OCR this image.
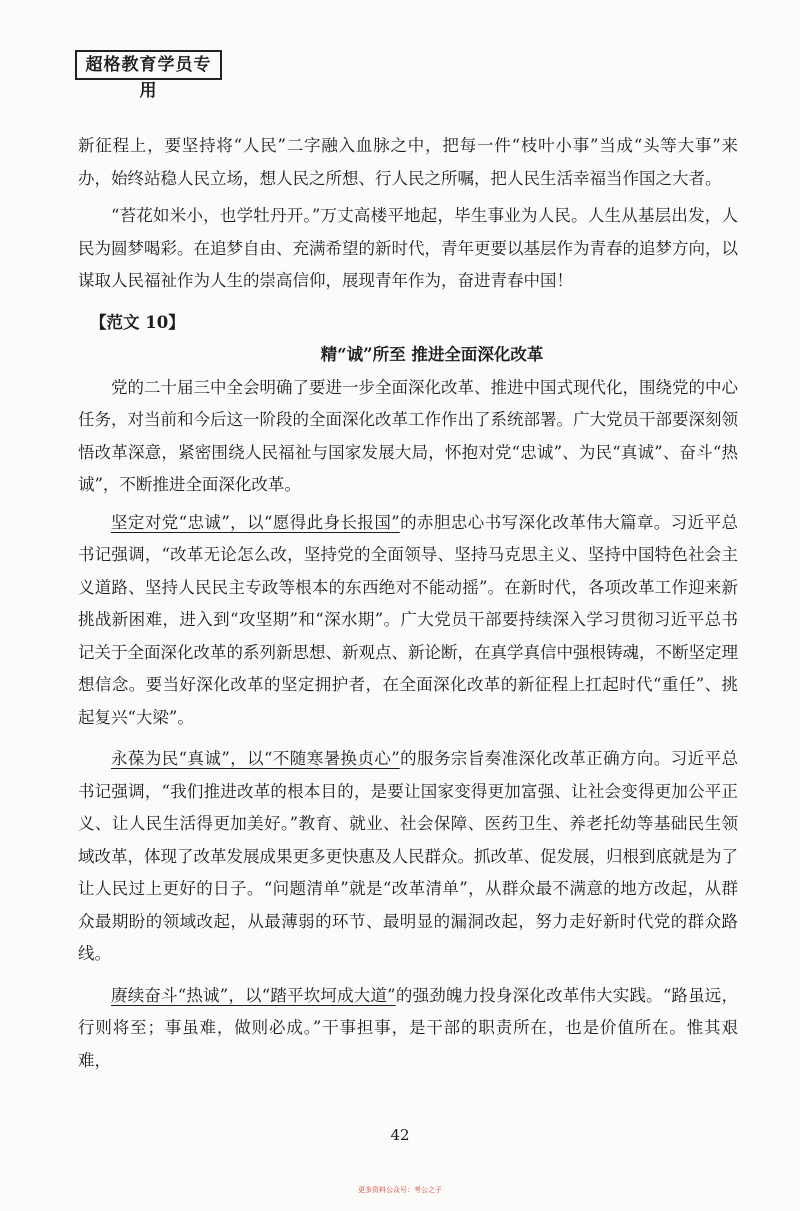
超格教育学员专用

新征程上，要坚持将“人民”二字融入血脉之中，把每一件“枝叶小事”当成“头等大事”来办，始终站稳人民立场，想人民之所想、行人民之所嘱，把人民生活幸福当作国之大者。

“苔花如米小，也学牡丹开。”万丈高楼平地起，毕生事业为人民。人生从基层出发，人民为圆梦喝彩。在追梦自由、充满希望的新时代，青年更要以基层作为青春的追梦方向，以谋取人民福祉作为人生的崇高信仰，展现青年作为，奋进青春中国！

【范文 10】

精“诚”所至 推进全面深化改革

党的二十届三中全会明确了要进一步全面深化改革、推进中国式现代化，围绕党的中心任务，对当前和今后这一阶段的全面深化改革工作作出了系统部署。广大党员干部要深刻领悟改革深意，紧密围绕人民福祉与国家发展大局，怀抱对党“忠诚”、为民“真诚”、奋斗“热诚”，不断推进全面深化改革。

坚定对党“忠诚”，以“愿得此身长报国”的赤胆忠心书写深化改革伟大篇章。习近平总书记强调，“改革无论怎么改，坚持党的全面领导、坚持马克思主义、坚持中国特色社会主义道路、坚持人民民主专政等根本的东西绝对不能动摇”。在新时代，各项改革工作迎来新挑战新困难，进入到“攻坚期”和“深水期”。广大党员干部要持续深入学习贯彻习近平总书记关于全面深化改革的系列新思想、新观点、新论断，在真学真信中强根铸魂，不断坚定理想信念。要当好深化改革的坚定拥护者，在全面深化改革的新征程上扛起时代“重任”、挑起复兴“大梁”。

永葆为民“真诚”，以“不随寒暑换贞心”的服务宗旨奏准深化改革正确方向。习近平总书记强调，“我们推进改革的根本目的，是要让国家变得更加富强、让社会变得更加公平正义、让人民生活得更加美好。”教育、就业、社会保障、医药卫生、养老托幼等基础民生领域改革，体现了改革发展成果更多更快惠及人民群众。抓改革、促发展，归根到底就是为了让人民过上更好的日子。“问题清单”就是“改革清单”，从群众最不满意的地方改起，从群众最期盼的领域改起，从最薄弱的环节、最明显的漏洞改起，努力走好新时代党的群众路线。

赓续奋斗“热诚”，以“踏平坎坷成大道”的强劲魄力投身深化改革伟大实践。“路虽远，行则将至；事虽难，做则必成。”干事担事，是干部的职责所在，也是价值所在。惟其艰难，

42
更多资料公众号：考公之子
